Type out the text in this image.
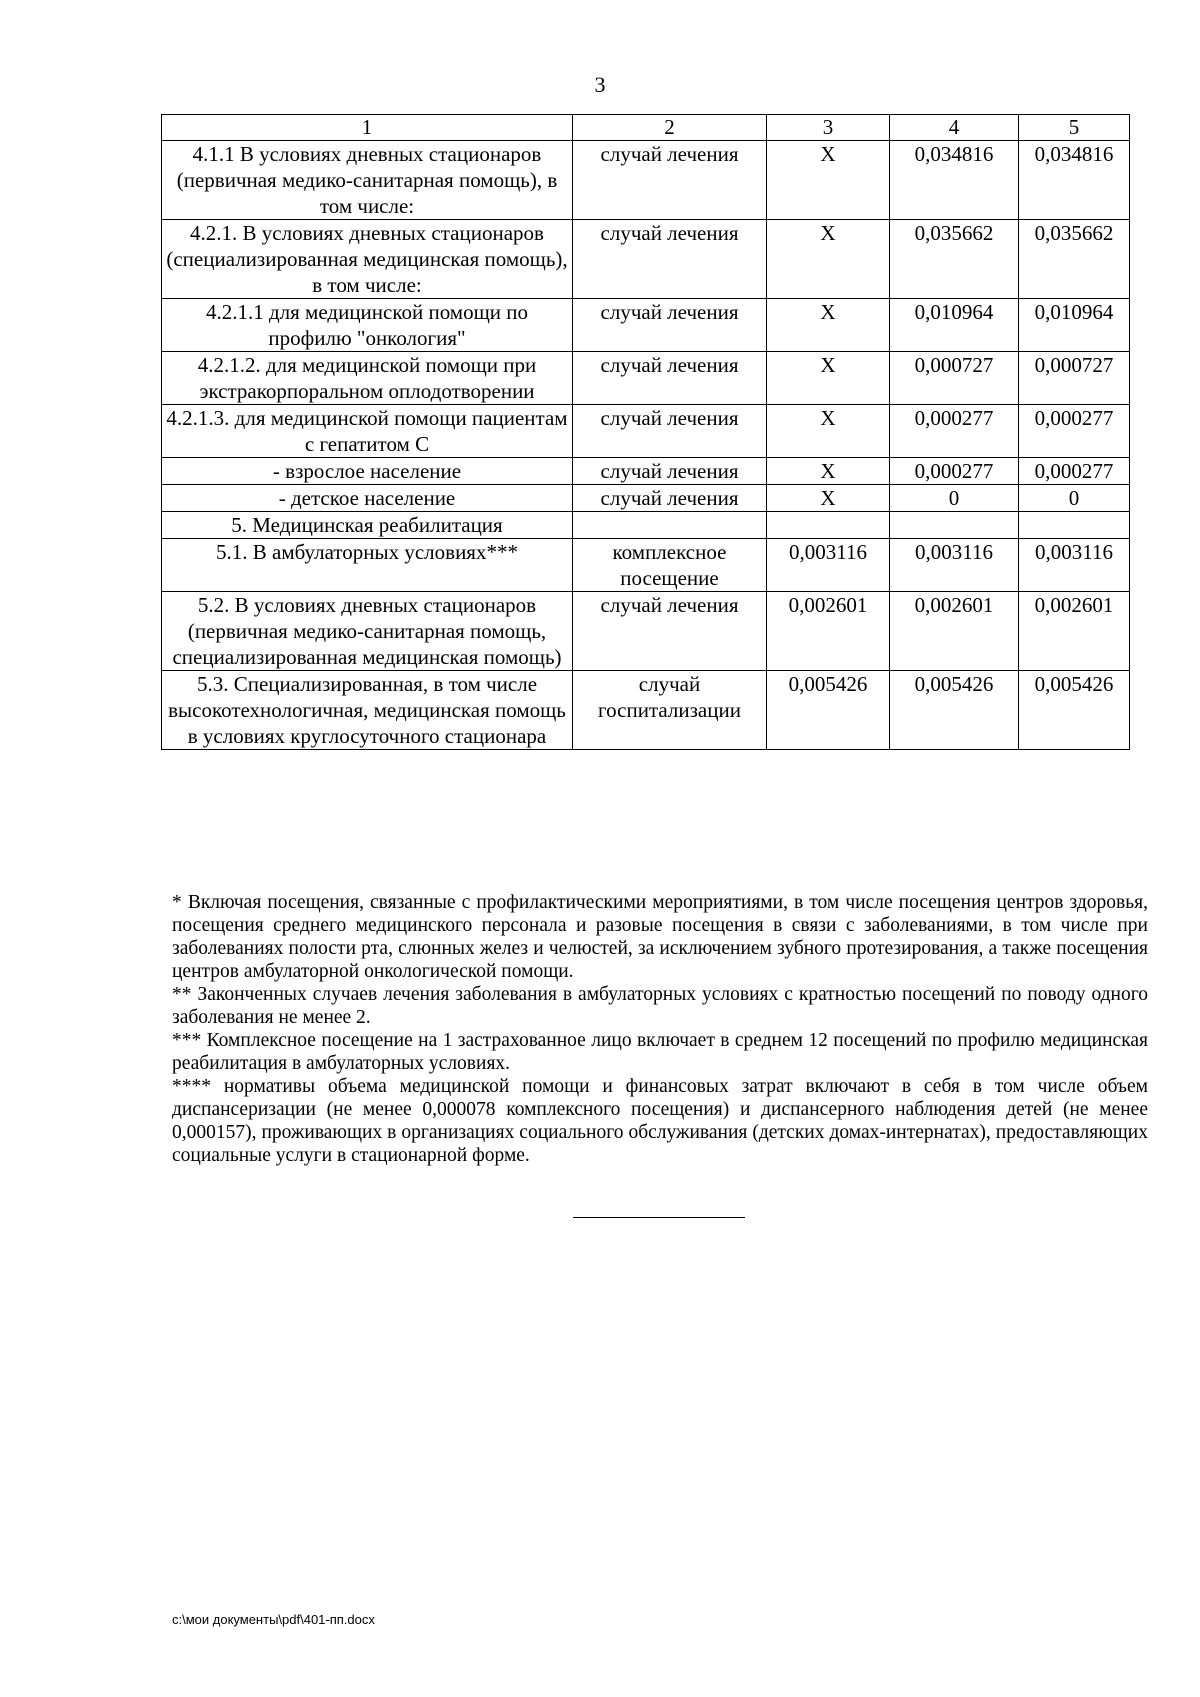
3
1	2	3	4	5
4.1.1 В условиях дневных стационаров (первичная медико-санитарная помощь), в том числе:	случай лечения	Х	0,034816	0,034816
4.2.1. В условиях дневных стационаров (специализированная медицинская помощь), в том числе:	случай лечения	Х	0,035662	0,035662
4.2.1.1 для медицинской помощи по профилю "онкология"	случай лечения	Х	0,010964	0,010964
4.2.1.2. для медицинской помощи при экстракорпоральном оплодотворении	случай лечения	Х	0,000727	0,000727
4.2.1.3. для медицинской помощи пациентам с гепатитом С	случай лечения	Х	0,000277	0,000277
- взрослое население	случай лечения	Х	0,000277	0,000277
- детское население	случай лечения	Х	0	0
5. Медицинская реабилитация				
5.1. В амбулаторных условиях***	комплексное посещение	0,003116	0,003116	0,003116
5.2. В условиях дневных стационаров (первичная медико-санитарная помощь, специализированная медицинская помощь)	случай лечения	0,002601	0,002601	0,002601
5.3. Специализированная, в том числе высокотехнологичная, медицинская помощь в условиях круглосуточного стационара	случай госпитализации	0,005426	0,005426	0,005426

* Включая посещения, связанные с профилактическими мероприятиями, в том числе посещения центров здоровья, посещения среднего медицинского персонала и разовые посещения в связи с заболеваниями, в том числе при заболеваниях полости рта, слюнных желез и челюстей, за исключением зубного протезирования, а также посещения центров амбулаторной онкологической помощи.

** Законченных случаев лечения заболевания в амбулаторных условиях с кратностью посещений по поводу одного заболевания не менее 2.

*** Комплексное посещение на 1 застрахованное лицо включает в среднем 12 посещений по профилю медицинская реабилитация в амбулаторных условиях.

**** нормативы объема медицинской помощи и финансовых затрат включают в себя в том числе объем диспансеризации (не менее 0,000078 комплексного посещения) и диспансерного наблюдения детей (не менее 0,000157), проживающих в организациях социального обслуживания (детских домах-интернатах), предоставляющих социальные услуги в стационарной форме.

c:\мои документы\pdf\401-пп.docx
